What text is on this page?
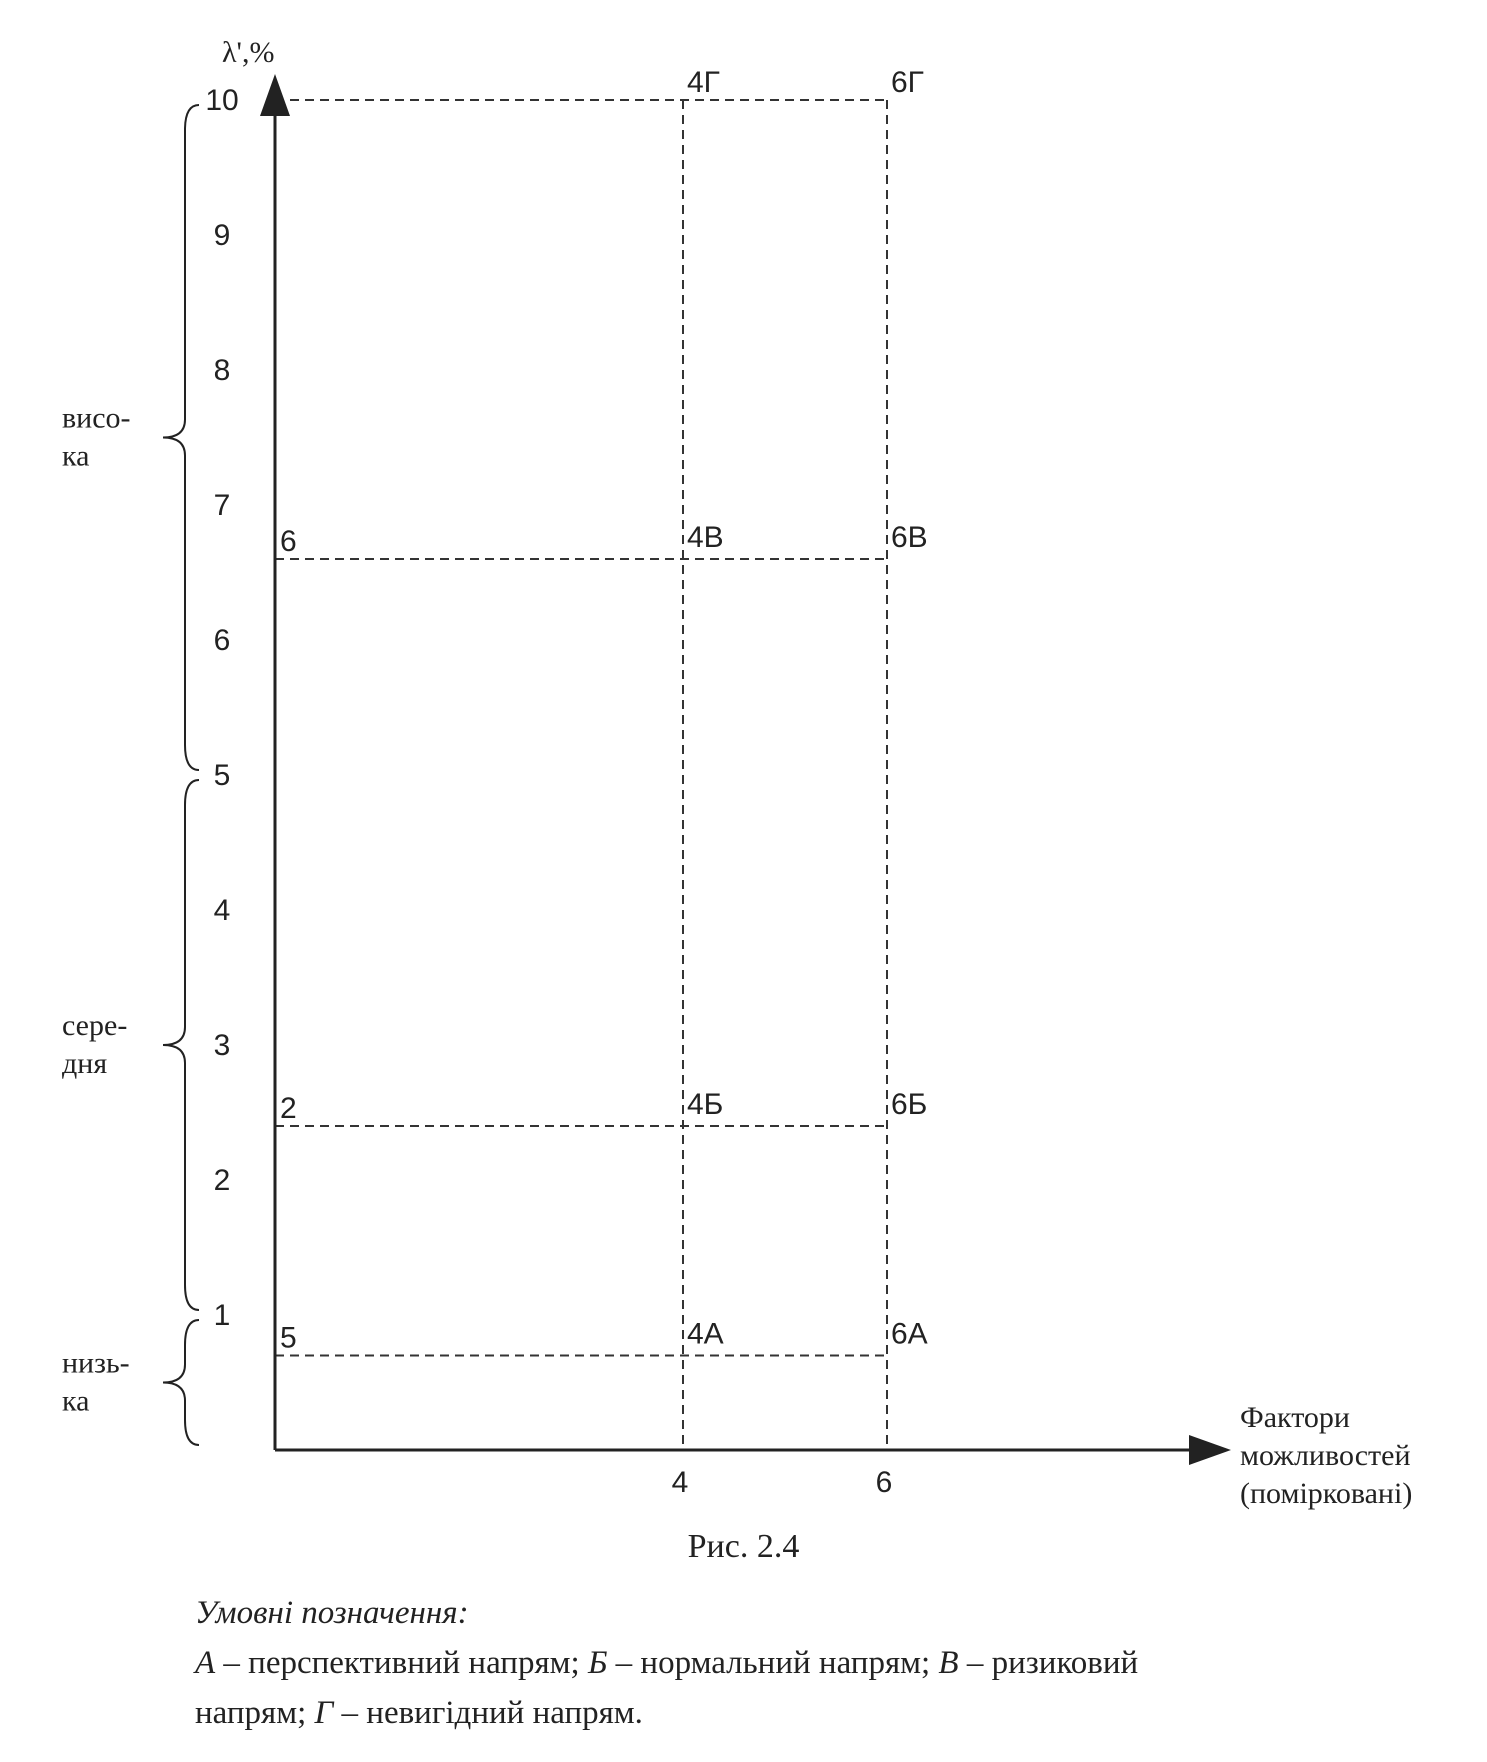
6
2
5
λ',%
Фактори
можливостей
(помірковані)
10
9
8
7
6
5
4
3
2
1
4	6
4Г	6Г
4В	6В
4Б	6Б
4А	6А
висо-
ка
сере-
дня
низь-
ка
Рис. 2.4
Умовні позначення:
А – перспективний напрям; Б – нормальний напрям; В – ризиковий
напрям; Г – невигідний напрям.
